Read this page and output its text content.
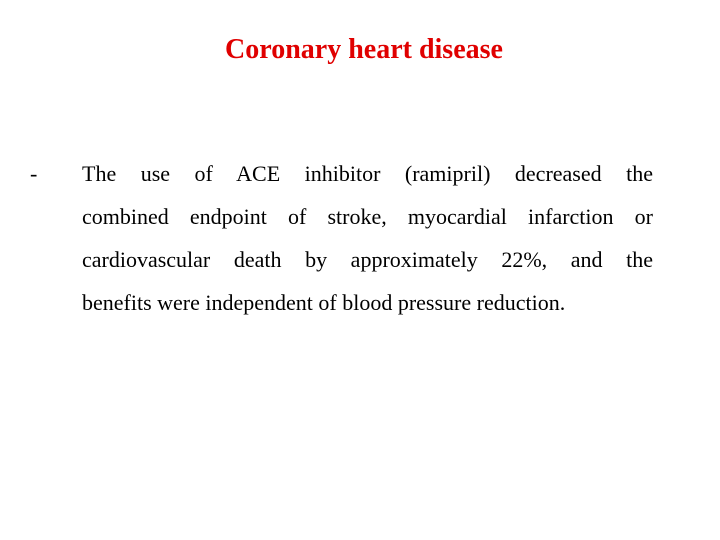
Coronary heart disease
- The use of ACE inhibitor (ramipril) decreased the
combined endpoint of stroke, myocardial infarction or
cardiovascular death by approximately 22%, and the
benefits were independent of blood pressure reduction.
